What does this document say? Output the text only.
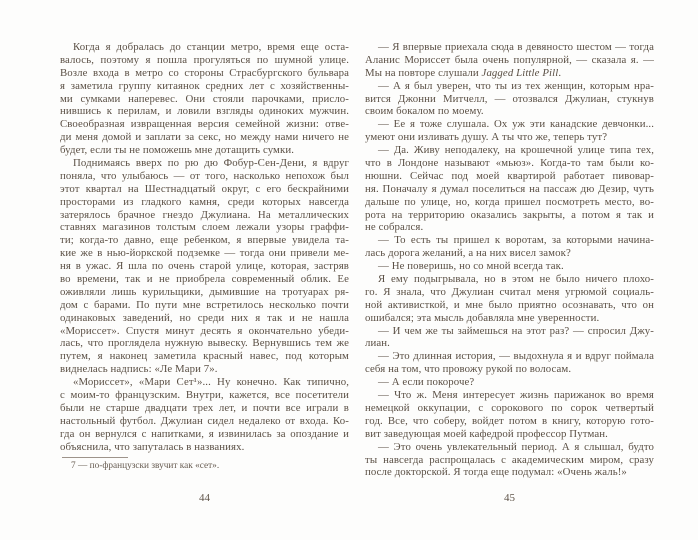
Когда я добралась до станции метро, время еще оста-
валось, поэтому я пошла прогуляться по шумной улице.
Возле входа в метро со стороны Страсбургского бульвара
я заметила группу китаянок средних лет с хозяйственны-
ми сумками наперевес. Они стояли парочками, присло-
нившись к перилам, и ловили взгляды одиноких мужчин.
Своеобразная извращенная версия семейной жизни: отве-
ди меня домой и заплати за секс, но между нами ничего не
будет, если ты не поможешь мне дотащить сумки.
Поднимаясь вверх по рю дю Фобур-Сен-Дени, я вдруг
поняла, что улыбаюсь — от того, насколько непохож был
этот квартал на Шестнадцатый округ, с его бескрайними
просторами из гладкого камня, среди которых навсегда
затерялось брачное гнездо Джулиана. На металлических
ставнях магазинов толстым слоем лежали узоры граффи-
ти; когда-то давно, еще ребенком, я впервые увидела та-
кие же в нью-йоркской подземке — тогда они привели ме-
ня в ужас. Я шла по очень старой улице, которая, застряв
во времени, так и не приобрела современный облик. Ее
оживляли лишь курильщики, дымившие на тротуарах ря-
дом с барами. По пути мне встретилось несколько почти
одинаковых заведений, но среди них я так и не нашла
«Мориссет». Спустя минут десять я окончательно убеди-
лась, что проглядела нужную вывеску. Вернувшись тем же
путем, я наконец заметила красный навес, под которым
виднелась надпись: «Ле Мари 7».
«Мориссет», «Мари Сет¹»... Ну конечно. Как типично,
с моим-то французским. Внутри, кажется, все посетители
были не старше двадцати трех лет, и почти все играли в
настольный футбол. Джулиан сидел недалеко от входа. Ко-
гда он вернулся с напитками, я извинилась за опоздание и
объяснила, что запуталась в названиях.
7 — по-французски звучит как «сет».
44
— Я впервые приехала сюда в девяносто шестом — тогда
Аланис Мориссет была очень популярной, — сказала я. —
Мы на повторе слушали Jagged Little Pill.
— А я был уверен, что ты из тех женщин, которым нра-
вится Джонни Митчелл, — отозвался Джулиан, стукнув
своим бокалом по моему.
— Ее я тоже слушала. Ох уж эти канадские девчонки...
умеют они изливать душу. А ты что же, теперь тут?
— Да. Живу неподалеку, на крошечной улице типа тех,
что в Лондоне называют «мьюз». Когда-то там были ко-
нюшни. Сейчас под моей квартирой работает пивовар-
ня. Поначалу я думал поселиться на пассаж дю Дезир, чуть
дальше по улице, но, когда пришел посмотреть место, во-
рота на территорию оказались закрыты, а потом я так и
не собрался.
— То есть ты пришел к воротам, за которыми начина-
лась дорога желаний, а на них висел замок?
— Не поверишь, но со мной всегда так.
Я ему подыгрывала, но в этом не было ничего плохо-
го. Я знала, что Джулиан считал меня угрюмой социаль-
ной активисткой, и мне было приятно осознавать, что он
ошибался; эта мысль добавляла мне уверенности.
— И чем же ты займешься на этот раз? — спросил Джу-
лиан.
— Это длинная история, — выдохнула я и вдруг поймала
себя на том, что провожу рукой по волосам.
— А если покороче?
— Что ж. Меня интересует жизнь парижанок во время
немецкой оккупации, с сорокового по сорок четвертый
год. Все, что соберу, войдет потом в книгу, которую гото-
вит заведующая моей кафедрой профессор Путман.
— Это очень увлекательный период. А я слышал, будто
ты навсегда распрощалась с академическим миром, сразу
после докторской. Я тогда еще подумал: «Очень жаль!»
45
